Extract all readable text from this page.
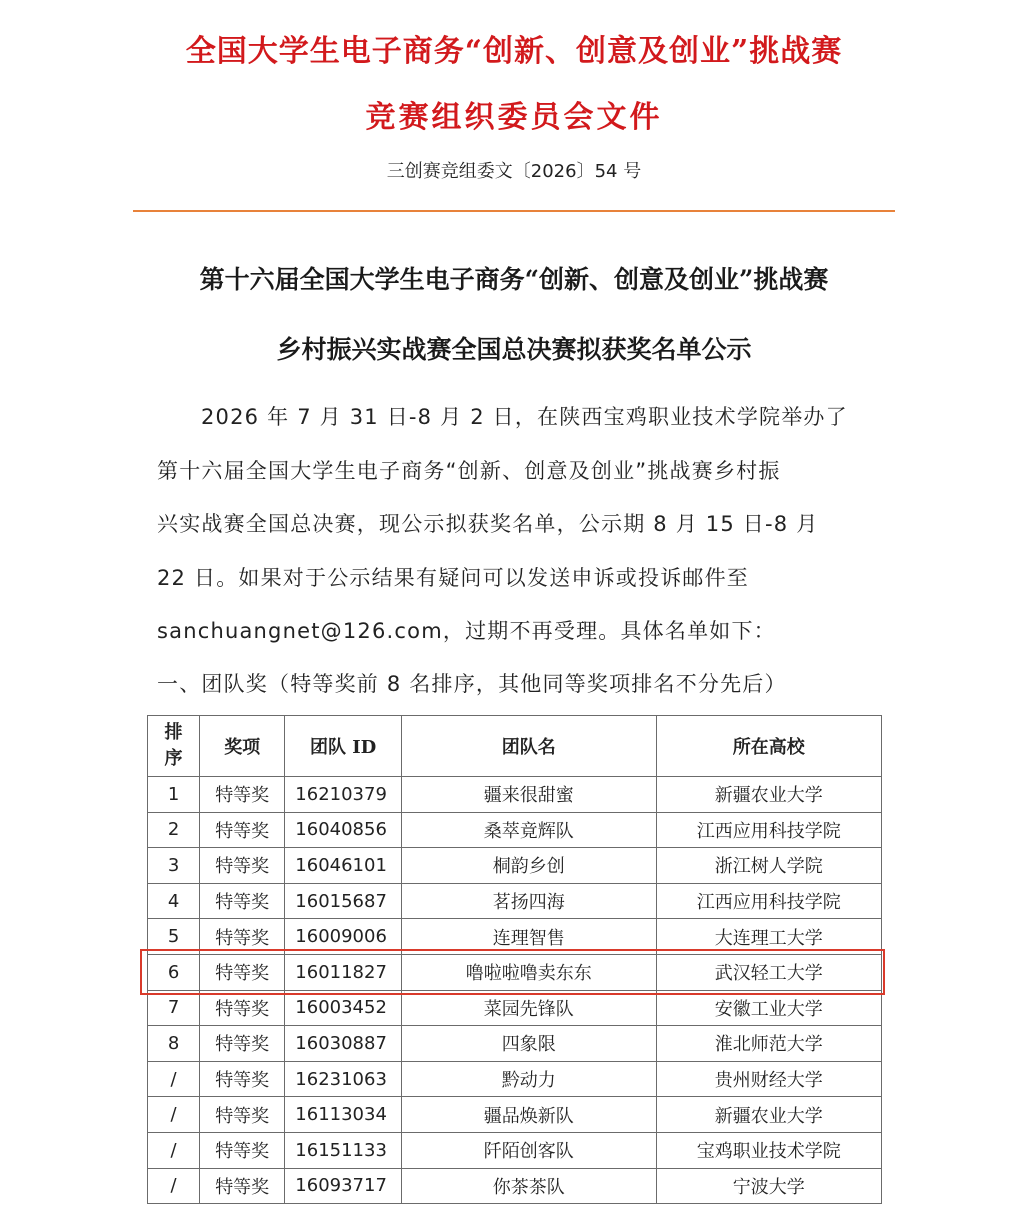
全国大学生电子商务“创新、创意及创业”挑战赛
竞赛组织委员会文件
三创赛竞组委文〔2026〕54 号
第十六届全国大学生电子商务“创新、创意及创业”挑战赛
乡村振兴实战赛全国总决赛拟获奖名单公示
2026 年 7 月 31 日-8 月 2 日，在陕西宝鸡职业技术学院举办了
第十六届全国大学生电子商务“创新、创意及创业”挑战赛乡村振
兴实战赛全国总决赛，现公示拟获奖名单，公示期 8 月 15 日-8 月
22 日。如果对于公示结果有疑问可以发送申诉或投诉邮件至
sanchuangnet@126.com，过期不再受理。具体名单如下：
一、团队奖（特等奖前 8 名排序，其他同等奖项排名不分先后）
排
序	奖项	团队 ID	团队名	所在高校
1	特等奖	16210379	疆来很甜蜜	新疆农业大学
2	特等奖	16040856	桑萃竟辉队	江西应用科技学院
3	特等奖	16046101	桐韵乡创	浙江树人学院
4	特等奖	16015687	茗扬四海	江西应用科技学院
5	特等奖	16009006	连理智售	大连理工大学
6	特等奖	16011827	噜啦啦噜卖东东	武汉轻工大学
7	特等奖	16003452	菜园先锋队	安徽工业大学
8	特等奖	16030887	四象限	淮北师范大学
/	特等奖	16231063	黔动力	贵州财经大学
/	特等奖	16113034	疆品焕新队	新疆农业大学
/	特等奖	16151133	阡陌创客队	宝鸡职业技术学院
/	特等奖	16093717	你茶茶队	宁波大学
